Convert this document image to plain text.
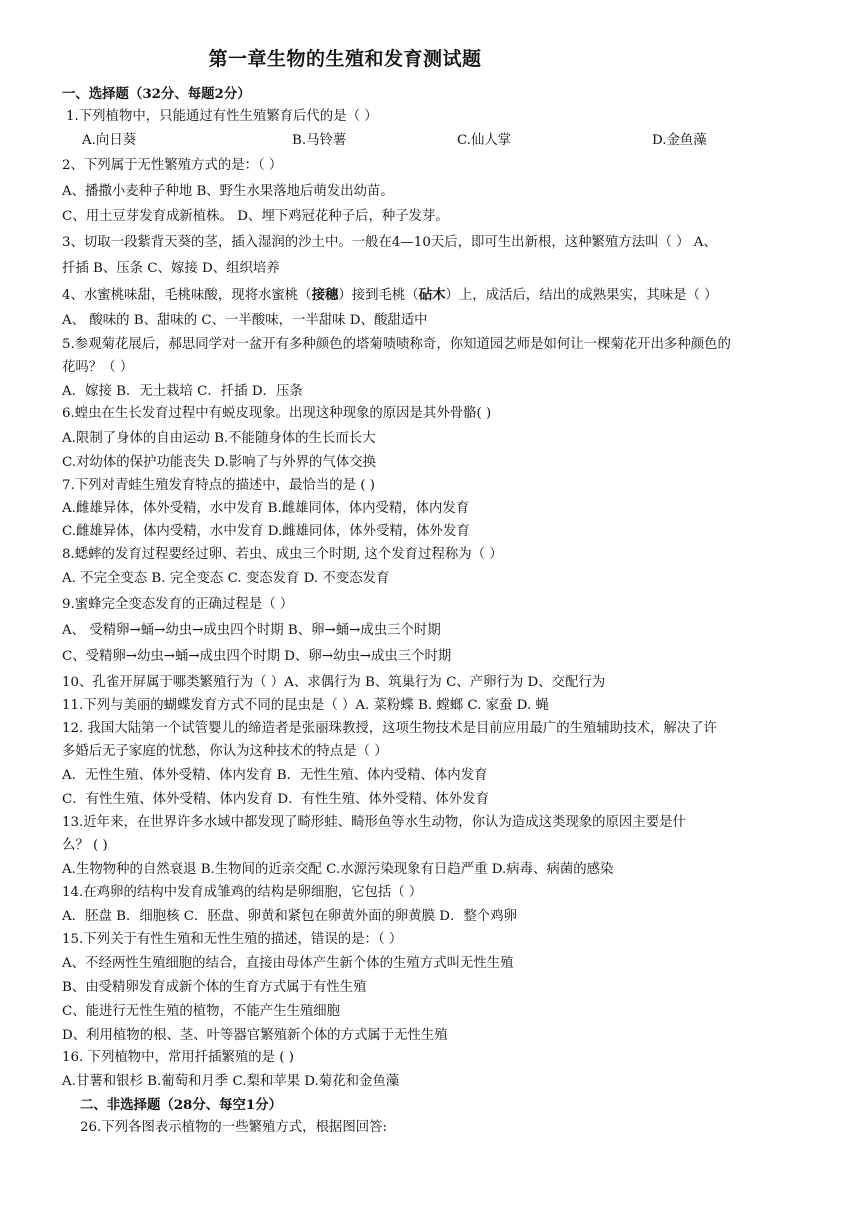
第一章生物的生殖和发育测试题
一、选择题（32分、每题2分）
1.下列植物中，只能通过有性生殖繁育后代的是（ ）
A.向日葵	B.马铃薯	C.仙人掌	D.金鱼藻
2、下列属于无性繁殖方式的是：（ ）
A、播撒小麦种子种地 B、野生水果落地后萌发出幼苗。
C、用土豆芽发育成新植株。 D、埋下鸡冠花种子后，种子发芽。
3、切取一段紫背天葵的茎，插入湿润的沙土中。一般在4—10天后，即可生出新根，这种繁殖方法叫（ ） A、
扦插 B、压条 C、嫁接 D、组织培养
4、水蜜桃味甜，毛桃味酸，现将水蜜桃（接穗）接到毛桃（砧木）上，成活后，结出的成熟果实，其味是（ ）
A、 酸味的 B、甜味的 C、一半酸味，一半甜味 D、酸甜适中
5.参观菊花展后，郝思同学对一盆开有多种颜色的塔菊啧啧称奇，你知道园艺师是如何让一棵菊花开出多种颜色的
花吗？（ ）
A．嫁接 B．无土栽培 C．扦插 D．压条
6.蝗虫在生长发育过程中有蜕皮现象。出现这种现象的原因是其外骨骼( )
A.限制了身体的自由运动 B.不能随身体的生长而长大
C.对幼体的保护功能丧失 D.影响了与外界的气体交换
7.下列对青蛙生殖发育特点的描述中，最恰当的是 ( )
A.雌雄异体，体外受精，水中发育 B.雌雄同体，体内受精，体内发育
C.雌雄异体，体内受精，水中发育 D.雌雄同体，体外受精，体外发育
8.蟋蟀的发育过程要经过卵、若虫、成虫三个时期, 这个发育过程称为（ ）
A. 不完全变态 B. 完全变态 C. 变态发育 D. 不变态发育
9.蜜蜂完全变态发育的正确过程是（ ）
A、 受精卵→蛹→幼虫→成虫四个时期 B、卵→蛹→成虫三个时期
C、受精卵→幼虫→蛹→成虫四个时期 D、卵→幼虫→成虫三个时期
10、孔雀开屏属于哪类繁殖行为（ ）A、求偶行为 B、筑巢行为 C、产卵行为 D、交配行为
11.下列与美丽的蝴蝶发育方式不同的昆虫是（ ）A. 菜粉蝶 B. 螳螂 C. 家蚕 D. 蝇
12. 我国大陆第一个试管婴儿的缔造者是张丽珠教授，这项生物技术是目前应用最广的生殖辅助技术，解决了许
多婚后无子家庭的忧愁，你认为这种技术的特点是（ ）
A．无性生殖、体外受精、体内发育 B．无性生殖、体内受精、体内发育
C．有性生殖、体外受精、体内发育 D．有性生殖、体外受精、体外发育
13.近年来，在世界许多水域中都发现了畸形蛙、畸形鱼等水生动物，你认为造成这类现象的原因主要是什
么？ ( )
A.生物物种的自然衰退 B.生物间的近亲交配 C.水源污染现象有日趋严重 D.病毒、病菌的感染
14.在鸡卵的结构中发育成雏鸡的结构是卵细胞，它包括（ ）
A．胚盘 B．细胞核 C．胚盘、卵黄和紧包在卵黄外面的卵黄膜 D．整个鸡卵
15.下列关于有性生殖和无性生殖的描述，错误的是：（ ）
A、不经两性生殖细胞的结合，直接由母体产生新个体的生殖方式叫无性生殖
B、由受精卵发育成新个体的生育方式属于有性生殖
C、能进行无性生殖的植物，不能产生生殖细胞
D、利用植物的根、茎、叶等器官繁殖新个体的方式属于无性生殖
16. 下列植物中，常用扦插繁殖的是 ( )
A.甘薯和银杉 B.葡萄和月季 C.梨和苹果 D.菊花和金鱼藻
二、非选择题（28分、每空1分）
26.下列各图表示植物的一些繁殖方式，根据图回答:
